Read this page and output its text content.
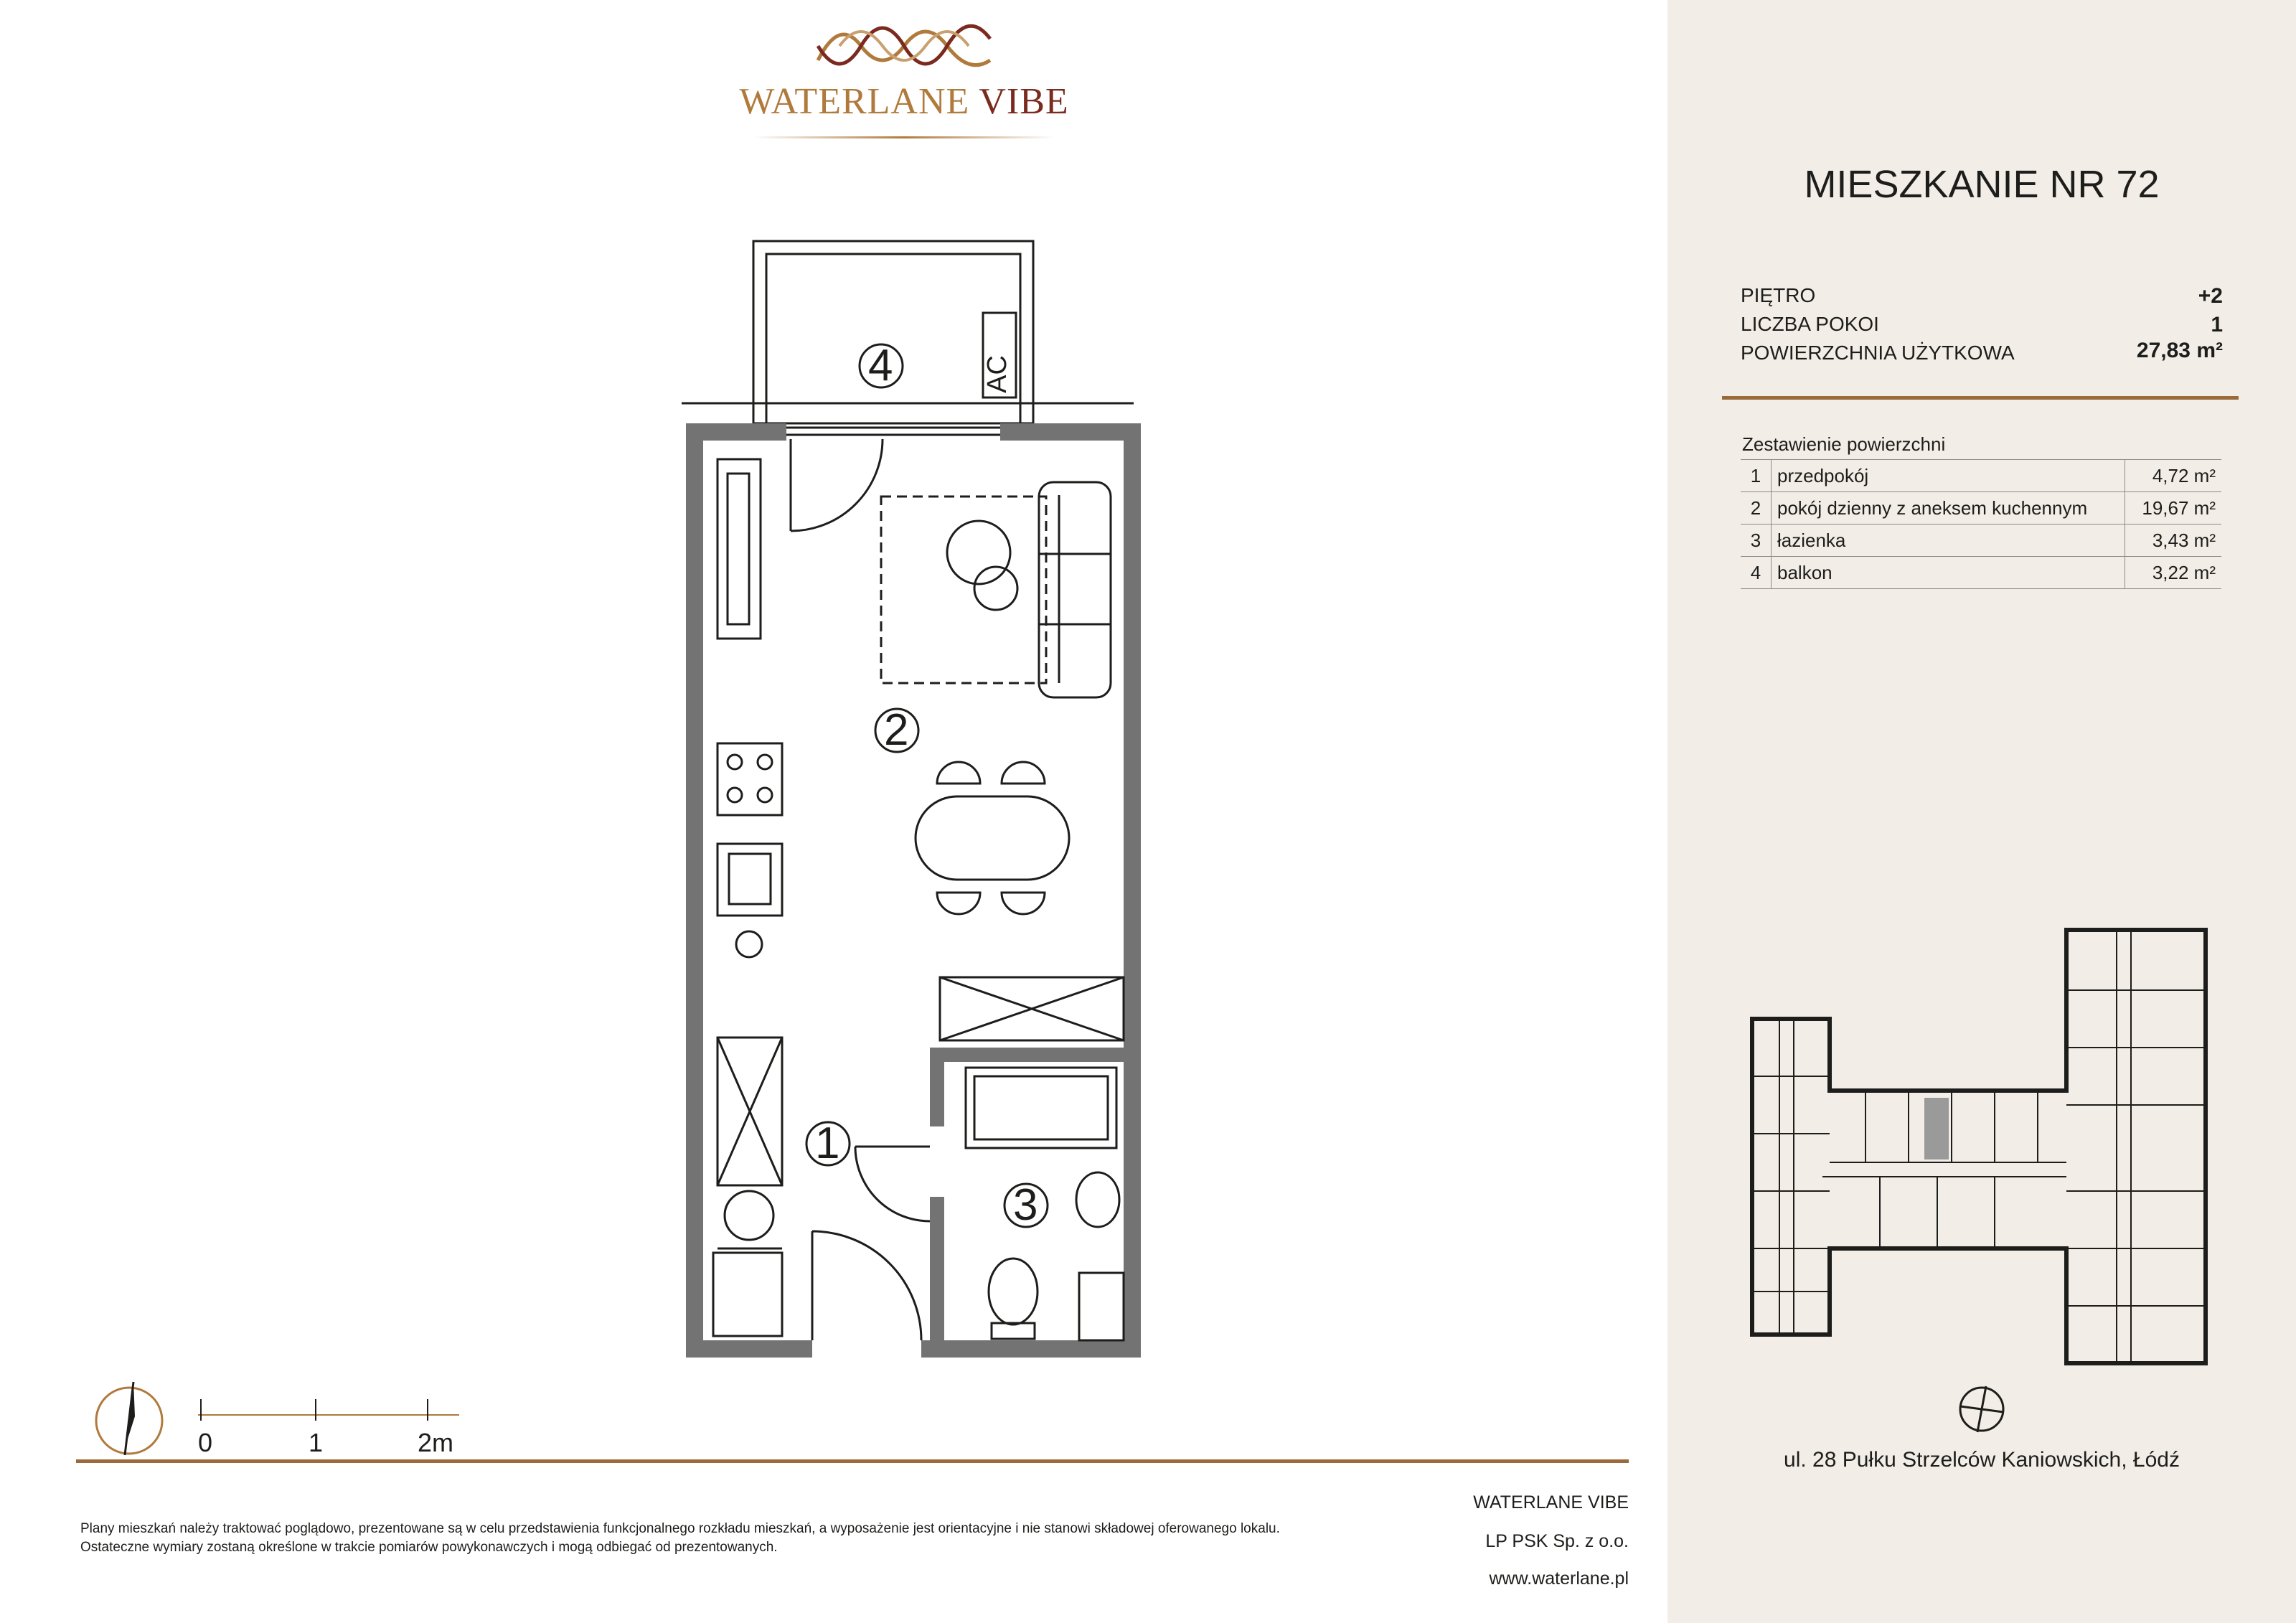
WATERLANE VIBE
4
2
1
3
AC
0	1	2m
MIESZKANIE NR 72
PIĘTRO	+2
LICZBA POKOI	1
POWIERZCHNIA UŻYTKOWA	27,83 m²
Zestawienie powierzchni
1	przedpokój	4,72 m²
2	pokój dzienny z aneksem kuchennym	19,67 m²
3	łazienka	3,43 m²
4	balkon	3,22 m²
ul. 28 Pułku Strzelców Kaniowskich, Łódź
Plany mieszkań należy traktować poglądowo, prezentowane są w celu przedstawienia funkcjonalnego rozkładu mieszkań, a wyposażenie jest orientacyjne i nie stanowi składowej oferowanego lokalu.
Ostateczne wymiary zostaną określone w trakcie pomiarów powykonawczych i mogą odbiegać od prezentowanych.
WATERLANE VIBE
LP PSK Sp. z o.o.
www.waterlane.pl
